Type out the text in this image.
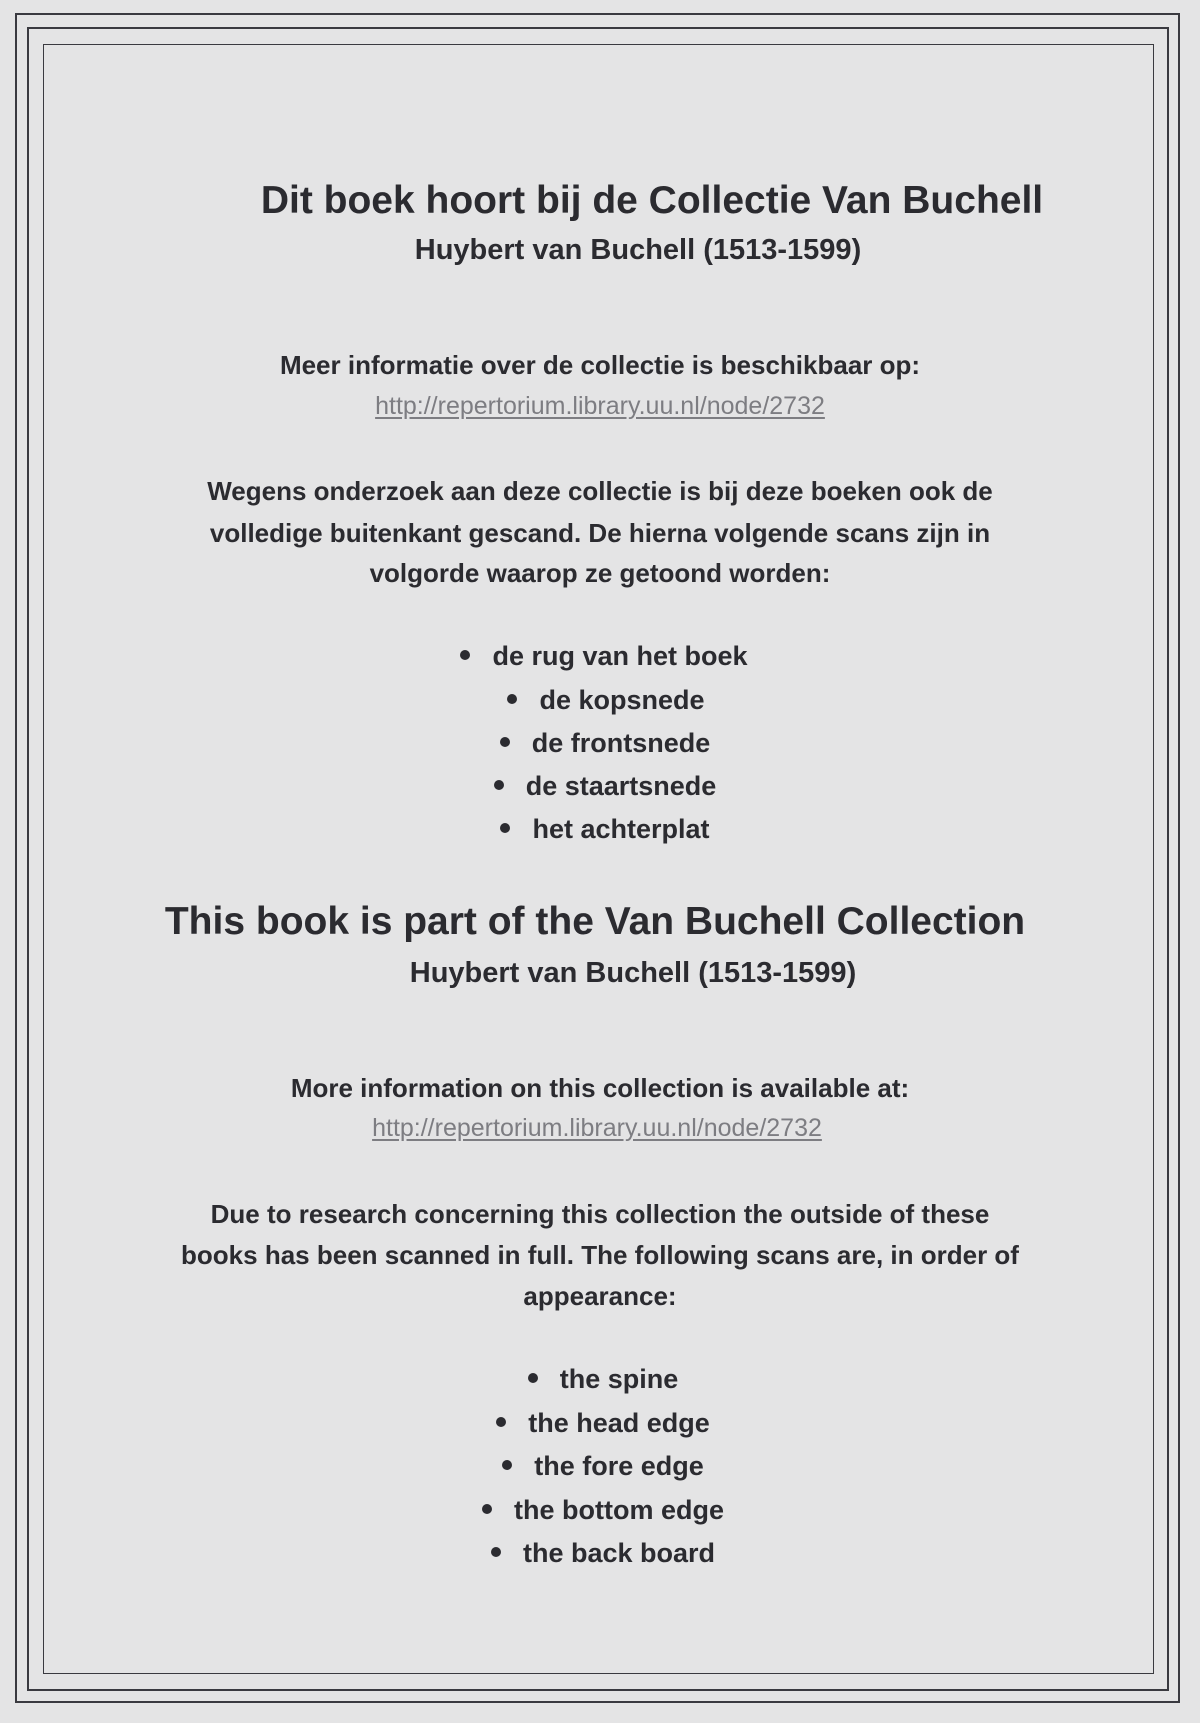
Dit boek hoort bij de Collectie Van Buchell
Huybert van Buchell (1513-1599)
Meer informatie over de collectie is beschikbaar op:
http://repertorium.library.uu.nl/node/2732
Wegens onderzoek aan deze collectie is bij deze boeken ook de
volledige buitenkant gescand. De hierna volgende scans zijn in
volgorde waarop ze getoond worden:
de rug van het boek
de kopsnede
de frontsnede
de staartsnede
het achterplat
This book is part of the Van Buchell Collection
Huybert van Buchell (1513-1599)
More information on this collection is available at:
http://repertorium.library.uu.nl/node/2732
Due to research concerning this collection the outside of these
books has been scanned in full. The following scans are, in order of
appearance:
the spine
the head edge
the fore edge
the bottom edge
the back board
